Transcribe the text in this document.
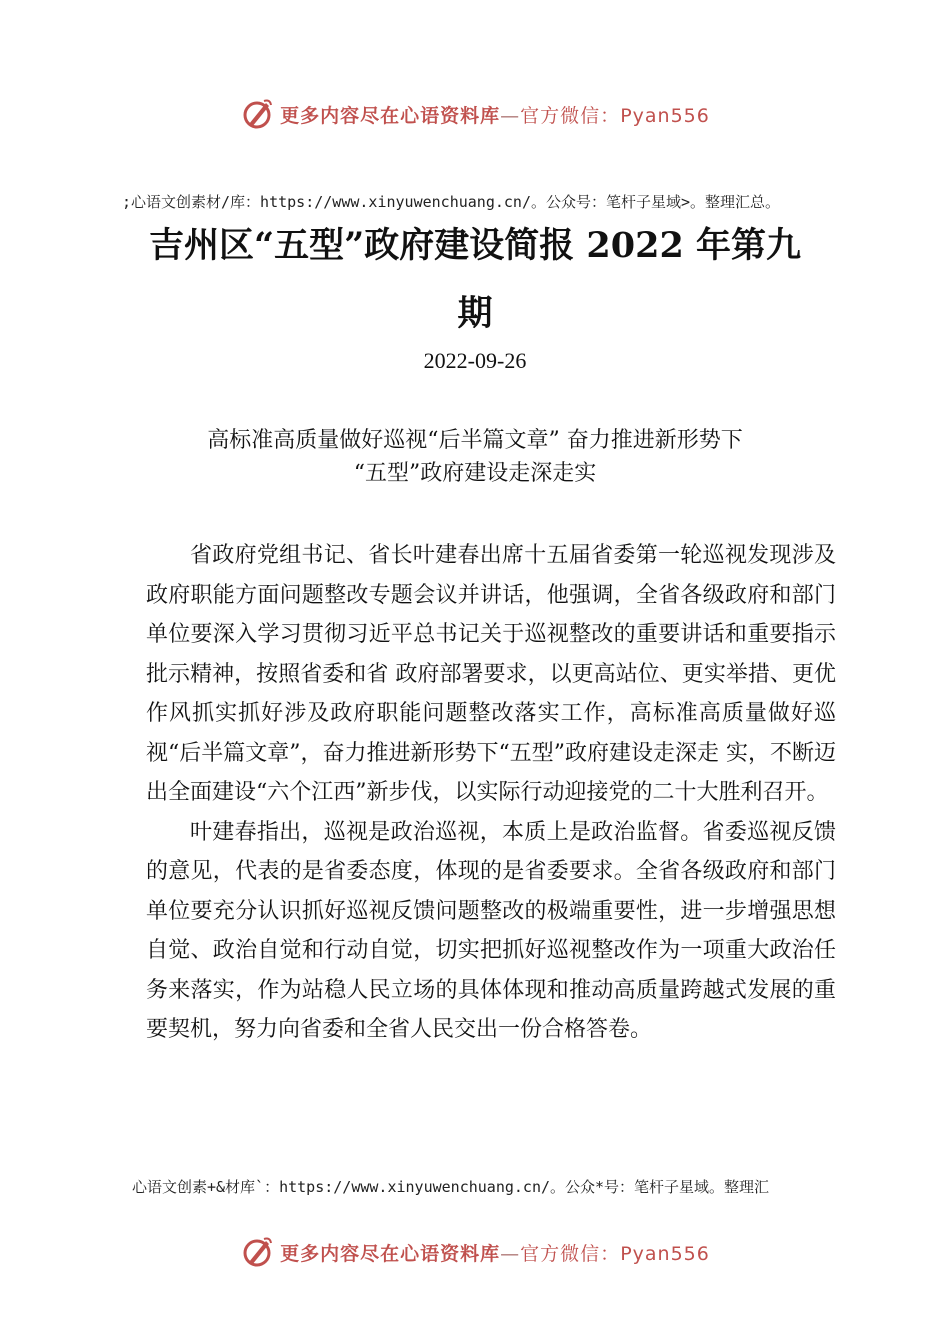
更多内容尽在心语资料库—官方微信：Pyan556
;心语文创素材/库：https://www.xinyuwenchuang.cn/。公众号：笔杆子星域>。整理汇总。
吉州区“五型”政府建设简报 2022 年第九
期
2022-09-26
高标准高质量做好巡视“后半篇文章” 奋力推进新形势下
“五型”政府建设走深走实

省政府党组书记、省长叶建春出席十五届省委第一轮巡视发现涉及政府职能方面问题整改专题会议并讲话，他强调，全省各级政府和部门单位要深入学习贯彻习近平总书记关于巡视整改的重要讲话和重要指示批示精神，按照省委和省 政府部署要求，以更高站位、更实举措、更优作风抓实抓好涉及政府职能问题整改落实工作，高标准高质量做好巡视“后半篇文章”，奋力推进新形势下“五型”政府建设走深走 实，不断迈出全面建设“六个江西”新步伐，以实际行动迎接党的二十大胜利召开。

叶建春指出，巡视是政治巡视，本质上是政治监督。省委巡视反馈的意见，代表的是省委态度，体现的是省委要求。全省各级政府和部门单位要充分认识抓好巡视反馈问题整改的极端重要性，进一步增强思想自觉、政治自觉和行动自觉，切实把抓好巡视整改作为一项重大政治任务来落实，作为站稳人民立场的具体体现和推动高质量跨越式发展的重要契机，努力向省委和全省人民交出一份合格答卷。

心语文创素+&材库`：https://www.xinyuwenchuang.cn/。公众*号：笔杆子星域。整理汇
更多内容尽在心语资料库—官方微信：Pyan556
